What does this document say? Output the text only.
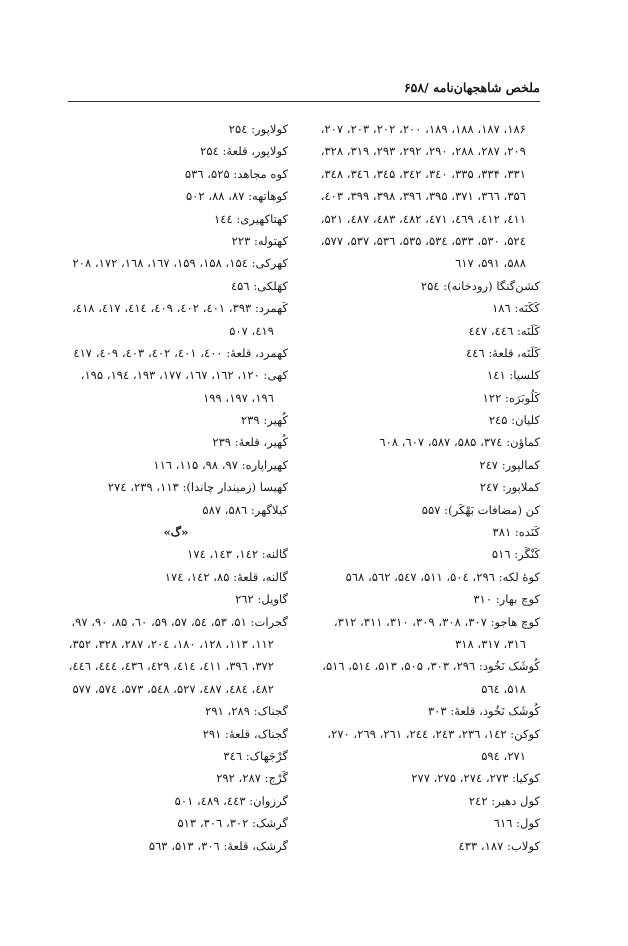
ملخص شاهجهان‌نامه /۶۵۸
۱۸۶، ۱۸۷، ۱۸۸، ۱۸۹، ۲۰۰، ۲۰۲، ۲۰۳، ۲۰۷،
۲۰۹، ۲۸۷، ۲۸۸، ۲۹۰، ۲۹۲، ۲۹۳، ۳۱۹، ۳۲۸،
۳۳۱، ۳۳۴، ۳۳۵، ۳٤۰، ۳٤۲، ۳٤۵، ۳٤٦، ۳٤۸،
۳۵٦، ۳٦٦، ۳۷۱، ۳۹۵، ۳۹٦، ۳۹۸، ۳۹۹، ٤۰۳،
٤۱۱، ٤۱۲، ٤٦۹، ٤۷۱، ٤۸۲، ٤۸۳، ٤۸۷، ۵۲۱،
۵۲٤، ۵۳۰، ۵۳۳، ۵۳٤، ۵۳۵، ۵۳٦، ۵۳۷، ۵۷۷،
۵۸۸، ۵۹۱، ٦۱۷
کشن‌گنگا (رودخانه): ۲۵٤
کَکَنَه: ۱۸٦
کَلَنَه: ٤٤٦، ٤٤۷
کَلَنَه، قلعهٔ: ٤٤٦
کلسیا: ۱٤۱
کَلُوبَرَه: ۱۲۲
کلیان: ۲٤۵
کماؤن: ۳۷٤، ۵۸۵، ۵۸۷، ٦۰۷، ٦۰۸
کمالپور: ۲٤۷
کملاپور: ۲٤۷
کن (مضافات بَهْکَر): ۵۵۷
کَنَده: ۳۸۱
کَنْگَر: ۵۱٦
کوهٔ لکه: ۲۹٦، ۵۰٤، ۵۱۱، ۵٤۷، ۵٦۲، ۵٦۸
کوچ بهار: ۳۱۰
کوچ هاجو: ۳۰۷، ۳۰۸، ۳۰۹، ۳۱۰، ۳۱۱، ۳۱۲،
۳۱٦، ۳۱۷، ۳۱۸
کُوشَک نَخُود: ۲۹٦، ۳۰۳، ۵۰۵، ۵۱۳، ۵۱٤، ۵۱٦،
۵۱۸، ۵٦٤
کُوشَک نَخُود، قلعهٔ: ۳۰۳
کوکن: ۱٤۲، ۲۳٦، ۲٤۳، ۲٤٤، ۲٦۱، ۲٦۹، ۲۷۰،
۲۷۱، ۵۹٤
کوکیا: ۲۷۳، ۲۷٤، ۲۷۵، ۲۷۷
کول دهیر: ۲٤۲
کول: ٦۱٦
کولاب: ۱۸۷، ٤۳۳
کولاپور: ۲۵٤
کولاپور، قلعهٔ: ۲۵٤
کوه مجاهد: ۵۲۵، ۵۳٦
کوهاتهه: ۸۷، ۸۸، ۵۰۲
کهتاکهیری: ۱٤٤
کهتوله: ۲۲۳
کهرکی: ۱۵٤، ۱۵۸، ۱۵۹، ۱٦۷، ۱٦۸، ۱۷۲، ۲۰۸
کهَلکی: ٤۵٦
کَهمرد: ۳۹۳، ٤۰۱، ٤۰۲، ٤۰۹، ٤۱٤، ٤۱۷، ٤۱۸،
٤۱۹، ۵۰۷
کهمرد، قلعهٔ: ٤۰۰، ٤۰۱، ٤۰۲، ٤۰۳، ٤۰۹، ٤۱۷
کهی: ۱۲۰، ۱٦۲، ۱٦۷، ۱۷۷، ۱۹۳، ۱۹٤، ۱۹۵،
۱۹٦، ۱۹۷، ۱۹۹
کُهیر: ۲۳۹
کُهیر، قلعهٔ: ۲۳۹
کهیراپاره: ۹۷، ۹۸، ۱۱۵، ۱۱٦
کهیسا (زمیندار چاندا): ۱۱۳، ۲۳۹، ۲۷٤
کیلاگهر: ۵۸٦، ۵۸۷
«گ»
گالنه: ۱٤۲، ۱٤۳، ۱۷٤
گالنه، قلعهٔ: ۸۵، ۱٤۲، ۱۷٤
گاویل: ۲٦۲
گجرات: ۵۱، ۵۳، ۵٤، ۵۷، ۵۹، ٦۰، ۸۵، ۹۰، ۹۷،
۱۱۲، ۱۱۳، ۱۲۸، ۱۸۰، ۲۰٤، ۲۸۷، ۳۲۸، ۳۵۲،
۳۷۲، ۳۹٦، ٤۱۱، ٤۱٤، ٤۲۹، ٤۳٦، ٤٤٤، ٤٤٦،
٤۸۲، ٤۸٤، ٤۸۷، ۵۲۷، ۵٤۸، ۵۷۳، ۵۷٤، ۵۷۷
گجناک: ۲۸۹، ۲۹۱
گجناک، قلعهٔ: ۲۹۱
گرْجَهاک: ۳٤٦
گَرْج: ۲۸۷، ۲۹۲
گرزوان: ٤٤۳، ٤۸۹، ۵۰۱
گرشک: ۳۰۲، ۳۰٦، ۵۱۳
گرشک، قلعهٔ: ۳۰٦، ۵۱۳، ۵٦۳
